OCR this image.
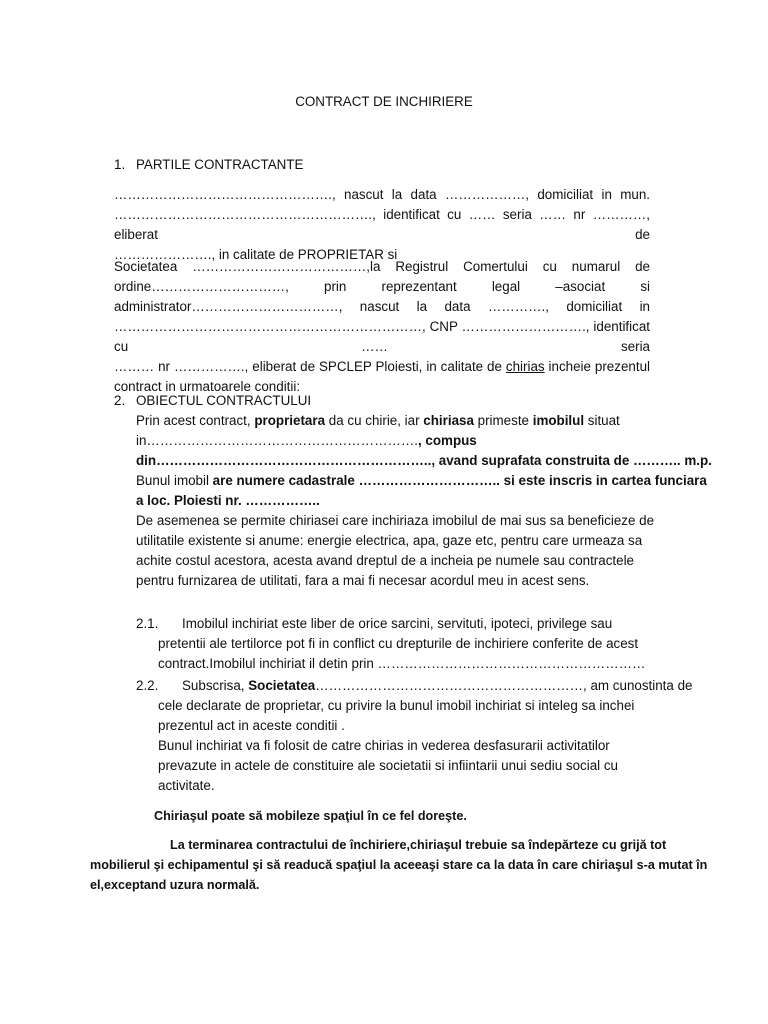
CONTRACT DE INCHIRIERE
1. PARTILE CONTRACTANTE
…………………………………………., nascut la data ………………, domiciliat in mun.
…………………………………………………., identificat cu …… seria …… nr …………, eliberat de
…………………., in calitate de PROPRIETAR si
Societatea …………………………………,la Registrul Comertului cu numarul de
ordine…………………………, prin reprezentant legal –asociat si
administrator……………………………, nascut la data …………., domiciliat in
……………………………………………………………, CNP ………………………., identificat cu …… seria
……… nr ……………., eliberat de SPCLEP Ploiesti, in calitate de chirias incheie prezentul
contract in urmatoarele conditii:
2. OBIECTUL CONTRACTULUI
Prin acest contract, proprietara da cu chirie, iar chiriasa primeste imobilul situat
in……………………………………………………., compus
din…………………………………………………….., avand suprafata construita de ……….. m.p.
Bunul imobil are numere cadastrale ………………………….. si este inscris in cartea funciara
a loc. Ploiesti nr. ……………..
De asemenea se permite chiriasei care inchiriaza imobilul de mai sus sa beneficieze de
utilitatile existente si anume: energie electrica, apa, gaze etc, pentru care urmeaza sa
achite costul acestora, acesta avand dreptul de a incheia pe numele sau contractele
pentru furnizarea de utilitati, fara a mai fi necesar acordul meu in acest sens.
2.1. Imobilul inchiriat este liber de orice sarcini, servituti, ipoteci, privilege sau
pretentii ale tertilorce pot fi in conflict cu drepturile de inchiriere conferite de acest
contract.Imobilul inchiriat il detin prin ……………………………………………………
2.2. Subscrisa, Societatea……………………………………………………, am cunostinta de
cele declarate de proprietar, cu privire la bunul imobil inchiriat si inteleg sa inchei
prezentul act in aceste conditii .
Bunul inchiriat va fi folosit de catre chirias in vederea desfasurarii activitatilor
prevazute in actele de constituire ale societatii si infiintarii unui sediu social cu
activitate.
Chiriaşul poate să mobileze spaţiul în ce fel doreşte.
La terminarea contractului de închiriere,chiriaşul trebuie sa îndepărteze cu grijă tot
mobilierul şi echipamentul şi să readucă spaţiul la aceeaşi stare ca la data în care chiriaşul s-a mutat în
el,exceptand uzura normală.
